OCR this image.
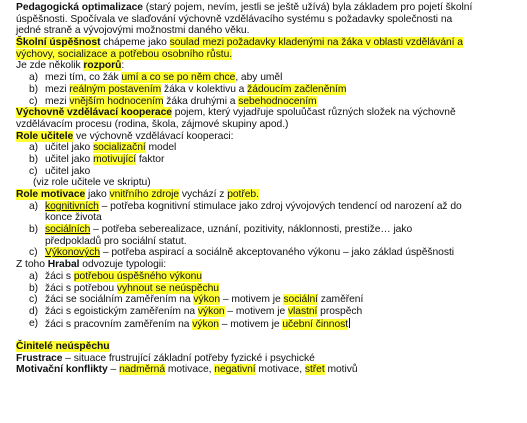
Pedagogická optimalizace (starý pojem, nevím, jestli se ještě užívá) byla základem pro pojetí školní
úspěšnosti. Spočívala ve slaďování výchovně vzdělávacího systému s požadavky společnosti na
jedné straně a vývojovými možnostmi daného věku.
Školní úspěšnost chápeme jako soulad mezi požadavky kladenými na žáka v oblasti vzdělávání a
výchovy, socializace a potřebou osobního růstu.
Je zde několik rozporů:
a) mezi tím, co žák umí a co se po něm chce, aby uměl
b) mezi reálným postavením žáka v kolektivu a žádoucím začleněním
c) mezi vnějším hodnocením žáka druhými a sebehodnocením
Výchovně vzdělávací kooperace pojem, který vyjadřuje spoluůčast různých složek na výchovně
vzdělávacím procesu (rodina, škola, zájmové skupiny apod.)
Role učitele ve výchovně vzdělávací kooperaci:
a) učitel jako socializační model
b) učitel jako motivující faktor
c) učitel jako
(viz role učitele ve skriptu)
Role motivace jako vnitřního zdroje vychází z potřeb.
a) kognitivních – potřeba kognitivní stimulace jako zdroj vývojových tendencí od narození až do
konce života
b) sociálních – potřeba seberealizace, uznání, pozitivity, náklonnosti, prestiže… jako
předpokladů pro sociální statut.
c) Výkonových – potřeba aspirací a sociálně akceptovaného výkonu – jako základ úspěšnosti
Z toho Hrabal odvozuje typologii:
a) žáci s potřebou úspěšného výkonu
b) žáci s potřebou vyhnout se neúspěchu
c) žáci se sociálním zaměřením na výkon – motivem je sociální zaměření
d) žáci s egoistickým zaměřením na výkon – motivem je vlastní prospěch
e) žáci s pracovním zaměřením na výkon – motivem je učební činnost
Činitelé neúspěchu
Frustrace – situace frustrující základní potřeby fyzické i psychické
Motivační konflikty – nadměrná motivace, negativní motivace, střet motivů
